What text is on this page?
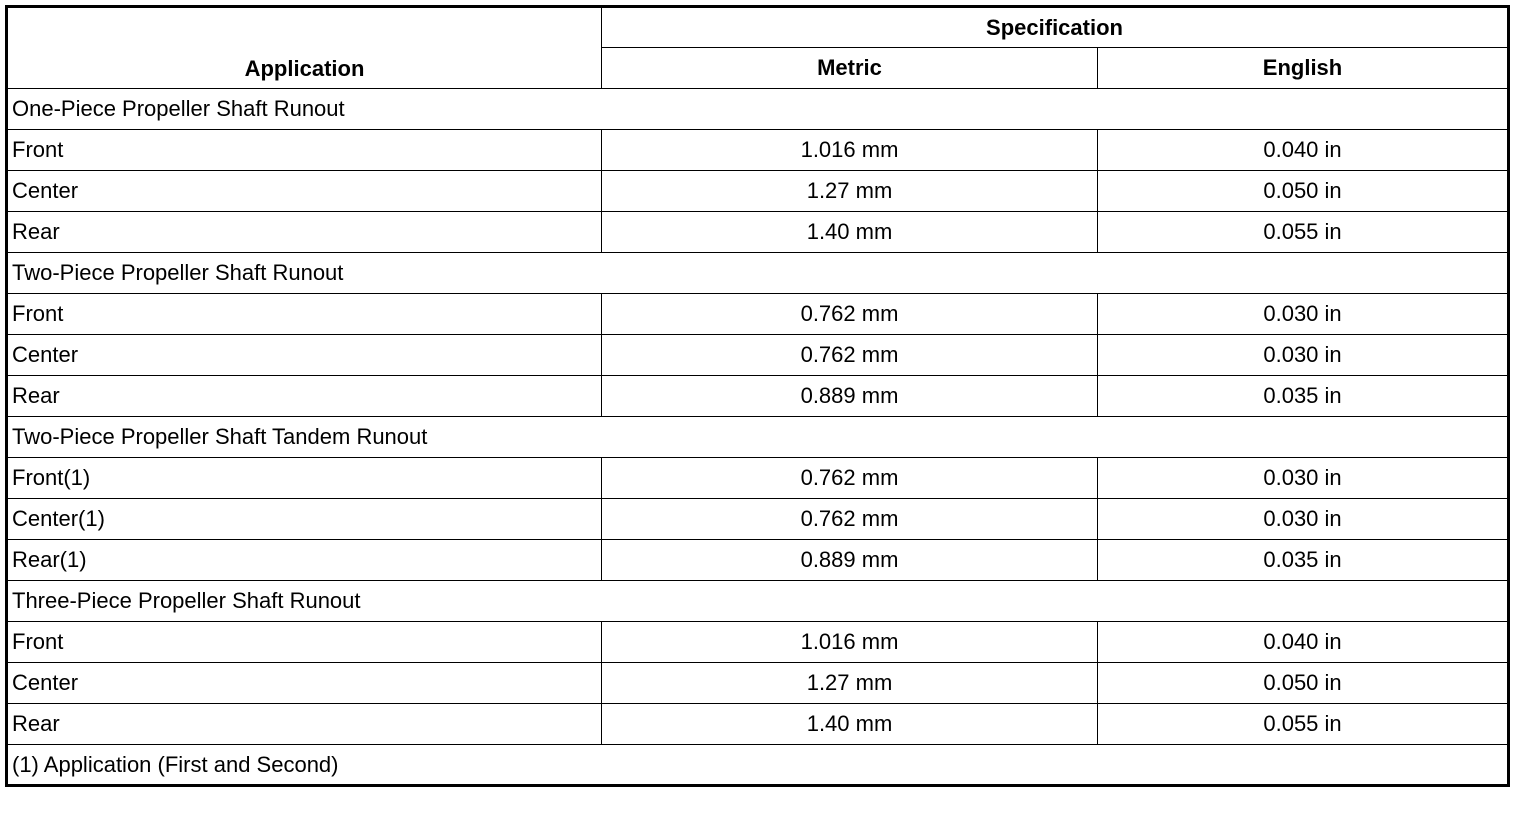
Application	Specification	
	Metric	English
One-Piece Propeller Shaft Runout		
Front	1.016 mm	0.040 in
Center	1.27 mm	0.050 in
Rear	1.40 mm	0.055 in
Two-Piece Propeller Shaft Runout		
Front	0.762 mm	0.030 in
Center	0.762 mm	0.030 in
Rear	0.889 mm	0.035 in
Two-Piece Propeller Shaft Tandem Runout		
Front(1)	0.762 mm	0.030 in
Center(1)	0.762 mm	0.030 in
Rear(1)	0.889 mm	0.035 in
Three-Piece Propeller Shaft Runout		
Front	1.016 mm	0.040 in
Center	1.27 mm	0.050 in
Rear	1.40 mm	0.055 in
(1) Application (First and Second)		
